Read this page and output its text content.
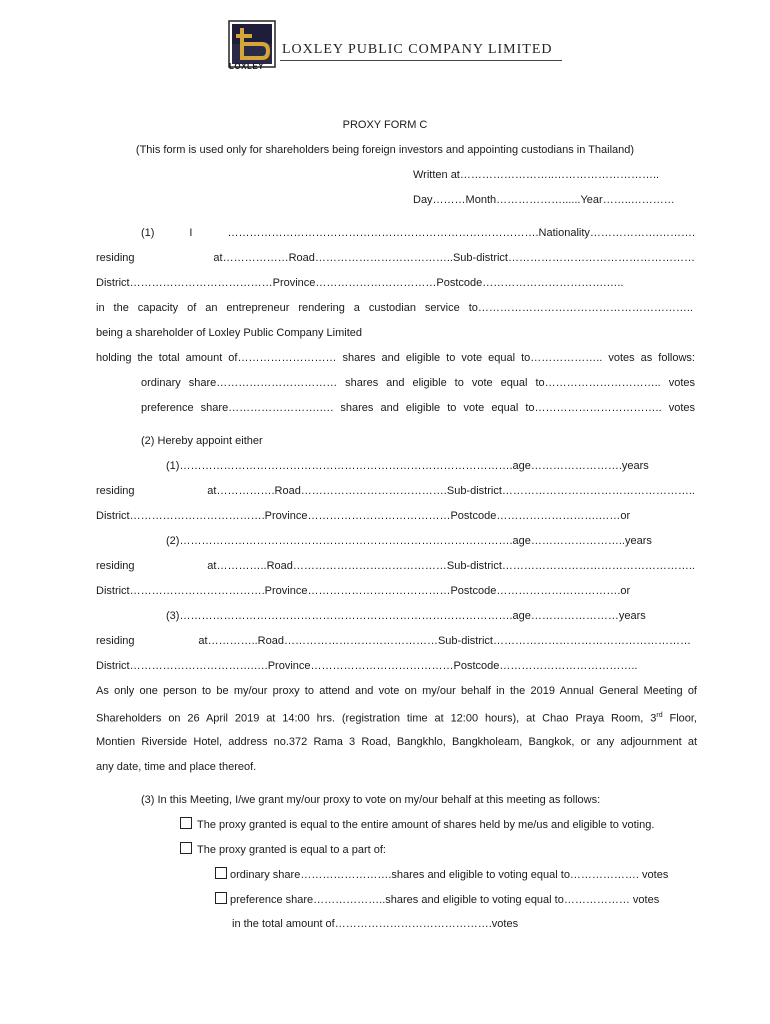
LOXLEY
LOXLEY PUBLIC COMPANY LIMITED
PROXY FORM C
(This form is used only for shareholders being foreign investors and appointing custodians in Thailand)
Written at……………………..………………………..
Day………Month………………......Year……..…………
(1) I ………………………………………………………………………….Nationality……………….……….
residing at………………Road………………………………..Sub-district……………………………………………
District…………………………………Province……………………………Postcode…………………………….…..
in the capacity of an entrepreneur rendering a custodian service to…………………………………………………..
being a shareholder of Loxley Public Company Limited
holding the total amount of……………………… shares and eligible to vote equal to……………….. votes as follows:
ordinary share…………………………… shares and eligible to vote equal to………………………….. votes
preference share…………………….…. shares and eligible to vote equal to…………………………….. votes
(2) Hereby appoint either
(1)……………………………………………………………………………….age…………………….years
residing at…………….Road………………………………….Sub-district……………………………………………..
District……………………………….Province…………………………………Postcode……………………….……or
(2)……………………………………………………………………………….age……………………..years
residing at…………..Road……………………………………Sub-district……………………………………………..
District……………………………….Province…………………………………Postcode…………………………….or
(3)……………………………………………………………………………….age……………………years
residing at…………..Road……………………………………Sub-district………………………………………………
District…………………………….….Province…………………………………Postcode………………………………..
As only one person to be my/our proxy to attend and vote on my/our behalf in the 2019 Annual General Meeting of
Shareholders on 26 April 2019 at 14:00 hrs. (registration time at 12:00 hours), at Chao Praya Room, 3rd Floor,
Montien Riverside Hotel, address no.372 Rama 3 Road, Bangkhlo, Bangkholeam, Bangkok, or any adjournment at
any date, time and place thereof.
(3) In this Meeting, I/we grant my/our proxy to vote on my/our behalf at this meeting as follows:
The proxy granted is equal to the entire amount of shares held by me/us and eligible to voting.
The proxy granted is equal to a part of:
ordinary share…………………….shares and eligible to voting equal to………………. votes
preference share………………..shares and eligible to voting equal to……………… votes
in the total amount of…………………………………….votes
